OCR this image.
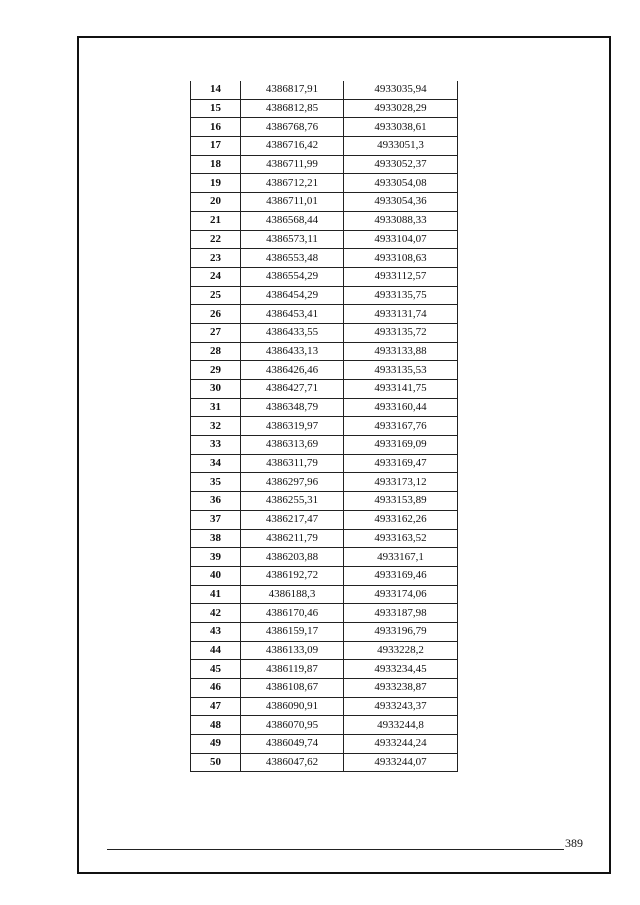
14	4386817,91	4933035,94
15	4386812,85	4933028,29
16	4386768,76	4933038,61
17	4386716,42	4933051,3
18	4386711,99	4933052,37
19	4386712,21	4933054,08
20	4386711,01	4933054,36
21	4386568,44	4933088,33
22	4386573,11	4933104,07
23	4386553,48	4933108,63
24	4386554,29	4933112,57
25	4386454,29	4933135,75
26	4386453,41	4933131,74
27	4386433,55	4933135,72
28	4386433,13	4933133,88
29	4386426,46	4933135,53
30	4386427,71	4933141,75
31	4386348,79	4933160,44
32	4386319,97	4933167,76
33	4386313,69	4933169,09
34	4386311,79	4933169,47
35	4386297,96	4933173,12
36	4386255,31	4933153,89
37	4386217,47	4933162,26
38	4386211,79	4933163,52
39	4386203,88	4933167,1
40	4386192,72	4933169,46
41	4386188,3	4933174,06
42	4386170,46	4933187,98
43	4386159,17	4933196,79
44	4386133,09	4933228,2
45	4386119,87	4933234,45
46	4386108,67	4933238,87
47	4386090,91	4933243,37
48	4386070,95	4933244,8
49	4386049,74	4933244,24
50	4386047,62	4933244,07
389
